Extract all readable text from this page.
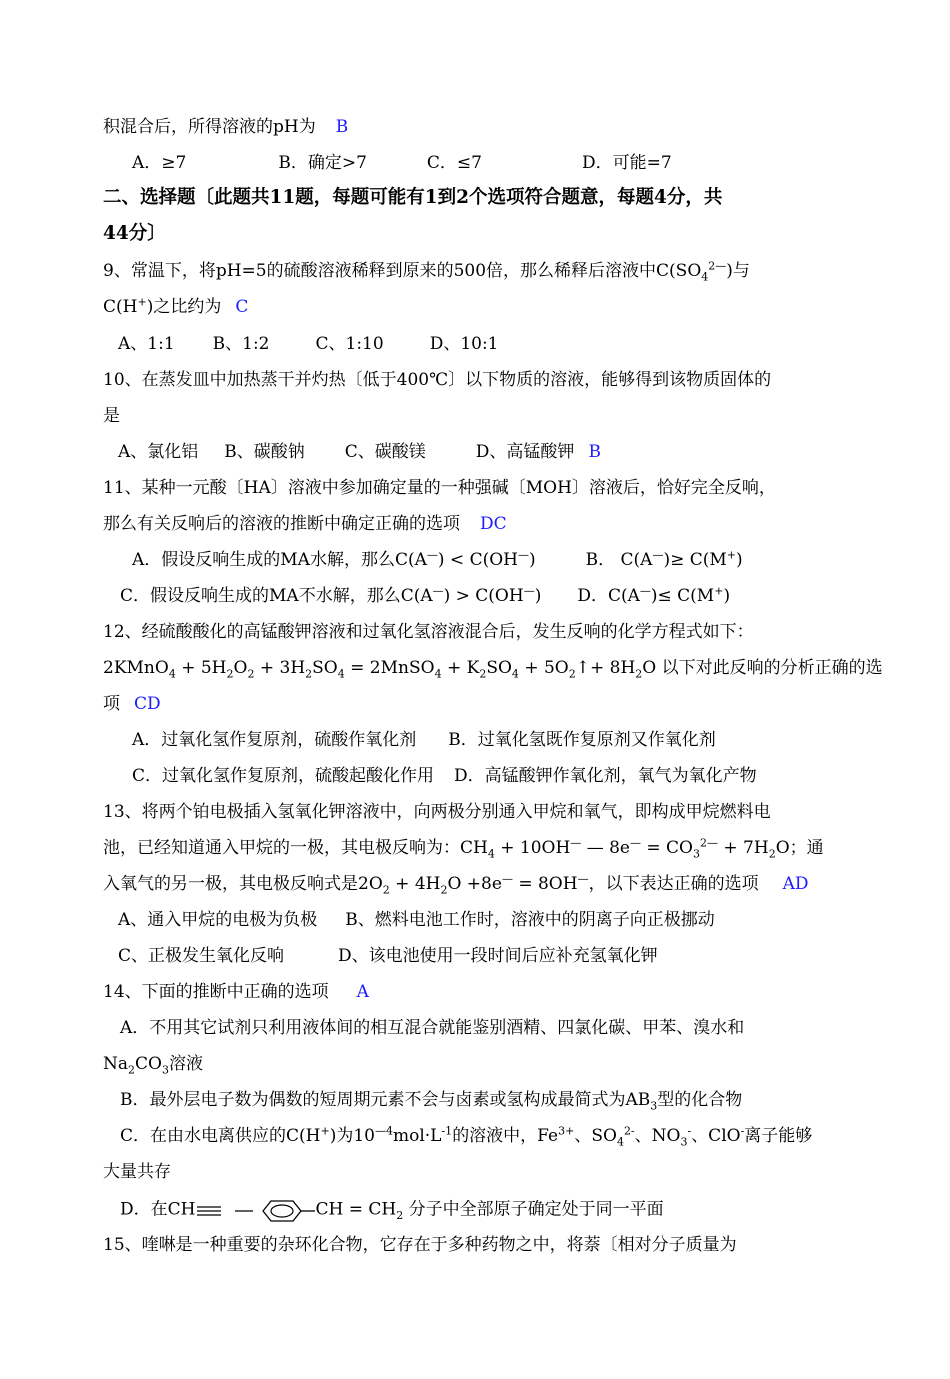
积混合后，所得溶液的pH为 B
A．≥7	B．确定>7	C．≤7	D．可能=7
二、选择题〔此题共11题，每题可能有1到2个选项符合题意，每题4分，共
44分〕
9、常温下，将pH=5的硫酸溶液稀释到原来的500倍，那么稀释后溶液中$C(SO_4^{2—})$与
C(H+)之比约为 C
A、1:1 B、1:2	C、1:10	D、10:1
10、在蒸发皿中加热蒸干并灼热〔低于400℃〕以下物质的溶液，能够得到该物质固体的
是
A、氯化铝 B、碳酸钠 C、碳酸镁	D、高锰酸钾 B
11、某种一元酸〔HA〕溶液中参加确定量的一种强碱〔MOH〕溶液后，恰好完全反响，
那么有关反响后的溶液的推断中确定正确的选项 DC
A．假设反响生成的MA水解，那么C(A—) < C(OH—)	B． C(A—)≥ C(M+)
C．假设反响生成的MA不水解，那么C(A—) > C(OH—) D．C(A—)≤ C(M+)
12、经硫酸酸化的高锰酸钾溶液和过氧化氢溶液混合后，发生反响的化学方程式如下：
2KMnO$_4$ + $5H_2O_2 + 3H_2SO_4$ = 2MnSO$_4$ + $K_2SO_4$ + $5O_2↑+ 8H_2O$ 以下对此反响的分析正确的选
项 CD
A．过氧化氢作复原剂，硫酸作氧化剂 B．过氧化氢既作复原剂又作氧化剂
C．过氧化氢作复原剂，硫酸起酸化作用 D．高锰酸钾作氧化剂，氧气为氧化产物
13、将两个铂电极插入氢氧化钾溶液中，向两极分别通入甲烷和氧气，即构成甲烷燃料电
池，已经知道通入甲烷的一极，其电极反响为：$CH_4 + 10OH^—$ — $8e^— = CO_3^{2—} + 7H_2O$；通
入氧气的另一极，其电极反响式是$2O_2 + 4H_2O +8e^— = 8OH^—$，以下表达正确的选项 AD
A、通入甲烷的电极为负极 B、燃料电池工作时，溶液中的阴离子向正极挪动
C、正极发生氧化反响	D、该电池使用一段时间后应补充氢氧化钾
14、下面的推断中正确的选项 A
A．不用其它试剂只利用液体间的相互混合就能鉴别酒精、四氯化碳、甲苯、溴水和
$Na_2CO_3$溶液
B．最外层电子数为偶数的短周期元素不会与卤素或氢构成最简式为$AB_3$型的化合物
C．在由水电离供应的C(H+)为$10^{—4}mol\cdot L^{-1}$的溶液中，$Fe^{3+}$、$SO_4^{2-}$、$NO_3^-$、ClO-离子能够
大量共存
D．在CH	CH = $CH_2$ 分子中全部原子确定处于同一平面
15、喹啉是一种重要的杂环化合物，它存在于多种药物之中，将萘〔相对分子质量为
